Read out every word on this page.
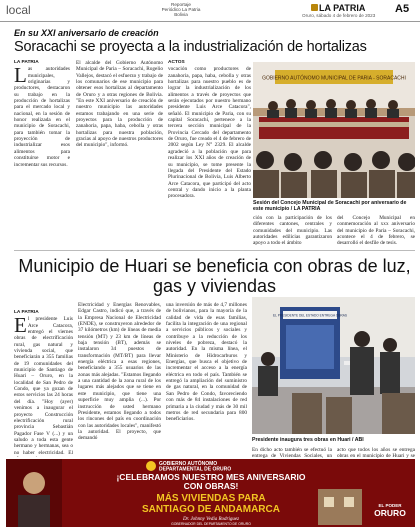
local	Reportaje
Periódico La Patria Bolivia
LA PATRIA
Oruro, sábado 4 de febrero de 2023
A5
En su XXI aniversario de creación
Soracachi se proyecta a la industrialización de hortalizas
LA PATRIA
L as autoridades municipales, originarias y productores, destacaron su trabajo en la producción de hortalizas para el mercado local y nacional, en la sesión de honor realizada en el municipio de Soracachi, para también tomar la proyección de industrializar esos alimentos para constituirse motor e incrementar sus recursos.
El alcalde del Gobierno Autónomo Municipal de Paria – Soracachi, Rogelio Vallejos, destacó el esfuerzo y trabajo de los comunarios de ese municipio para obtener esos hortalizas al departamento de Oruro y a otras regiones de Bolivia. "En este XXI aniversario de creación de nuestro municipio las autoridades estamos trabajando en una serie de proyectos para la producción de zanahoria, papa, haba, cebolla y otras hortalizas para nuestra población, gracias al apoyo de nuestros productores del municipio", informó.
ACTOS
vocación como productores de zanahoria, papa, haba, cebolla y otras hortalizas para nuestro pueblo es de lograr la industrialización de los alimentos a través de proyectos que serán ejecutados por nuestro hermano presidente Luis Arce Catacora", señaló. El municipio de Paria, con su capital Soracachi, pertenece a la tercera sección municipal de la Provincia Cercado del departamento de Oruro, fue creado el 4 de febrero de 2002 según Ley N° 2329. El alcalde agradeció a la población que para realizar los XXI años de creación de su municipio, se tome presente la llegada del Presidente del Estado Plurinacional de Bolivia, Luis Alberto Arce Catacora, que participó del acto central y dando inicio a la planta procesadora.
GOBIERNO AUTÓNOMO MUNICIPAL DE PARIA - SORACACHI
Sesión del Concejo Municipal de Soracachi por aniversario de este municipio / LA PATRIA
ción con la participación de los diferentes cantones, centrales y comunidades del municipio. Las autoridades edilicias garantizaron apoyo a todo el ámbito
del Concejo Municipal en conmemoración al xxx aniversario del municipio de Paria – Soracachi, acontece el 4 de febrero, se desarrolló el desfile de tesis.
Municipio de Huari se beneficia con obras de luz, gas y viviendas
LA PATRIA
E l presidente Luis Arce Catacora, entregó el viernes obras de electrificación rural, gas natural y vivienda social, que beneficiarán a 355 familias de 19 comunidades del municipio de Santiago de Huari – Oruro, en la localidad de San Pedro de Condo, que ya gozan de estos servicios las 24 horas del día. "Hoy (ayer) venimos a inaugurar el proyecto Construcción electrificación rural provincia Sebastián Pagador Fase V (...) y un saludo a toda esta gente hermano y hermanas, sea o no haber electricidad. El
Electricidad y Energías Renovables, Edgar Castro, indicó que, a través de la Empresa Nacional de Electricidad (ENDE), se construyeron alrededor de 37 kilómetros (km) de líneas de media tensión (MT) y 23 km de líneas de baja tensión (BT), además se instalaron 34 puestos de transformación (MT/BT) para llevar energía eléctrica a esas regiones, beneficiando a 355 usuarios de las zonas más alejadas. "Estamos llegando a una cantidad de la zona rural de los lugares más alejados que se tiene en este municipio, que tiene una superficie muy amplia (...). Por instrucción de usted hermano Presidente, estamos llegando a todos los rincones del país en coordinación con las autoridades locales", manifestó la autoridad. El proyecto, que demandó
una inversión de más de 4,7 millones de bolivianos, para la mayoría de la calidad de vida de esas familias, facilita la integración de una regional a servicios públicos y sociales y contribuye a la reducción de los niveles de pobreza, destacó la autoridad. En la misma línea, el Ministerio de Hidrocarburos y Energías, que busca el objetivo de incrementar el acceso a la energía eléctrica en todo el país. También se entregó la ampliación del suministro de gas natural, en la comunidad de San Pedro de Condo, favoreciendo con más de 84 instalaciones de red primaria a la ciudad y más de 30 mil metros de red secundaria para 800 beneficiarios.
EL PRESIDENTE DEL ESTADO ENTREGA OBRAS
Presidente inaugura tres obras en Huari / ABI
En dicho acto también se efectuó la entrega de Viviendas Sociales, un
acto que todos los años se entrega obras en el municipio de Huari y se
GOBIERNO AUTÓNOMO
DEPARTAMENTAL DE ORURO
¡CELEBRAMOS NUESTRO MES ANIVERSARIO
CON OBRAS!
MÁS VIVIENDAS PARA
SANTIAGO DE ANDAMARCA
Dr. Johnny Vedia Rodriguez
GOBERNADOR DEL DEPARTAMENTO DE ORURO
EL PODER
ORURO
